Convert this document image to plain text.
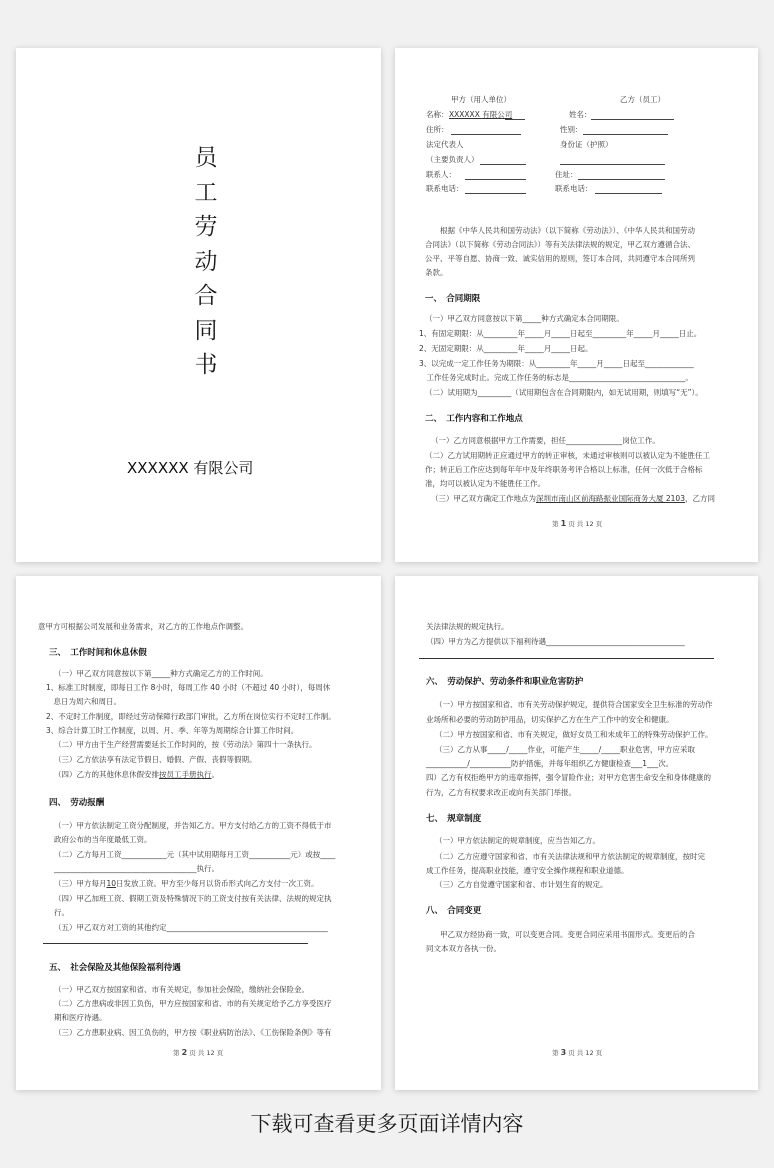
员
工
劳
动
合
同
书
XXXXXX 有限公司
甲方（用人单位）	乙方（员工）
名称： XXXXXX 有限公司	姓名：
住所：	性别：
法定代表人	身份证（护照）
（主要负责人）
联系人：	住址：
联系电话：	联系电话：
根据《中华人民共和国劳动法》（以下简称《劳动法》）、《中华人民共和国劳动
合同法》（以下简称《劳动合同法》）等有关法律法规的规定，甲乙双方遵循合法、
公平、平等自愿、协商一致、诚实信用的原则，签订本合同，共同遵守本合同所列
条款。
一、　合同期限
（一）甲乙双方同意按以下第_____种方式确定本合同期限。
1、有固定期限：从_________年_____月_____日起至_________年_____月_____日止。
2、无固定期限：从_________年_____月_____日起。
3、以完成一定工作任务为期限：从_________年_____月_____日起至_____________
　工作任务完成时止。完成工作任务的标志是_______________________________。
（二）试用期为_________（试用期包含在合同期限内，如无试用期，则填写“无”）。
二、　工作内容和工作地点
（一）乙方同意根据甲方工作需要，担任_______________岗位工作。
（二）乙方试用期转正应通过甲方的转正审核，未通过审核则可以被认定为不能胜任工
作；转正后工作应达到每年年中及年终职务考评合格以上标准，任何一次低于合格标
准，均可以被认定为不能胜任工作。
（三）甲乙双方确定工作地点为深圳市南山区前海路振业国际商务大厦 2103，乙方同
第 1 页 共 12 页
意甲方可根据公司发展和业务需求，对乙方的工作地点作调整。
三、　工作时间和休息休假
（一）甲乙双方同意按以下第_____种方式确定乙方的工作时间。
1、标准工时制度，即每日工作 8小时，每周工作 40 小时（不超过 40 小时），每周休
　息日为周六和周日。
2、不定时工作制度，即经过劳动保障行政部门审批，乙方所在岗位实行不定时工作制。
3、综合计算工时工作制度，以周、月、季、年等为周期综合计算工作时间。
（二）甲方由于生产经营需要延长工作时间的，按《劳动法》第四十一条执行。
（三）乙方依法享有法定节假日、婚假、产假、丧假等假期。
（四）乙方的其他休息休假安排按员工手册执行。
四、　劳动报酬
（一）甲方依法制定工资分配制度，并告知乙方。甲方支付给乙方的工资不得低于市
政府公布的当年度最低工资。
（二）乙方每月工资____________元（其中试用期每月工资___________元）或按____
______________________________________执行。
（三）甲方每月10日发放工资。甲方至少每月以货币形式向乙方支付一次工资。
（四）甲乙加班工资、假期工资及特殊情况下的工资支付按有关法律、法规的规定执
行。
（五）甲乙双方对工资的其他约定___________________________________________
五、　社会保险及其他保险福利待遇
（一）甲乙双方按国家和省、市有关规定，参加社会保险，缴纳社会保险金。
（二）乙方患病或非因工负伤，甲方应按国家和省、市的有关规定给予乙方享受医疗
期和医疗待遇。
（三）乙方患职业病、因工负伤的，甲方按《职业病防治法》、《工伤保险条例》等有
第 2 页 共 12 页
关法律法规的规定执行。
（四）甲方为乙方提供以下福利待遇_____________________________________
六、　劳动保护、劳动条件和职业危害防护
（一）甲方按国家和省、市有关劳动保护规定，提供符合国家安全卫生标准的劳动作
业场所和必要的劳动防护用品，切实保护乙方在生产工作中的安全和健康。
（二）甲方按国家和省、市有关规定，做好女员工和未成年工的特殊劳动保护工作。
（三）乙方从事_____/_____作业，可能产生_____/_____职业危害，甲方应采取
___________/___________防护措施，并每年组织乙方健康检查___1___次。
四）乙方有权拒绝甲方的违章指挥，强令冒险作业；对甲方危害生命安全和身体健康的
行为，乙方有权要求改正或向有关部门举报。
七、　规章制度
（一）甲方依法制定的规章制度，应当告知乙方。
（二）乙方应遵守国家和省、市有关法律法规和甲方依法制定的规章制度，按时完
成工作任务，提高职业技能，遵守安全操作规程和职业道德。
（三）乙方自觉遵守国家和省、市计划生育的规定。
八、　合同变更
甲乙双方经协商一致，可以变更合同。变更合同应采用书面形式。变更后的合
同文本双方各执一份。
第 3 页 共 12 页
下载可查看更多页面详情内容
